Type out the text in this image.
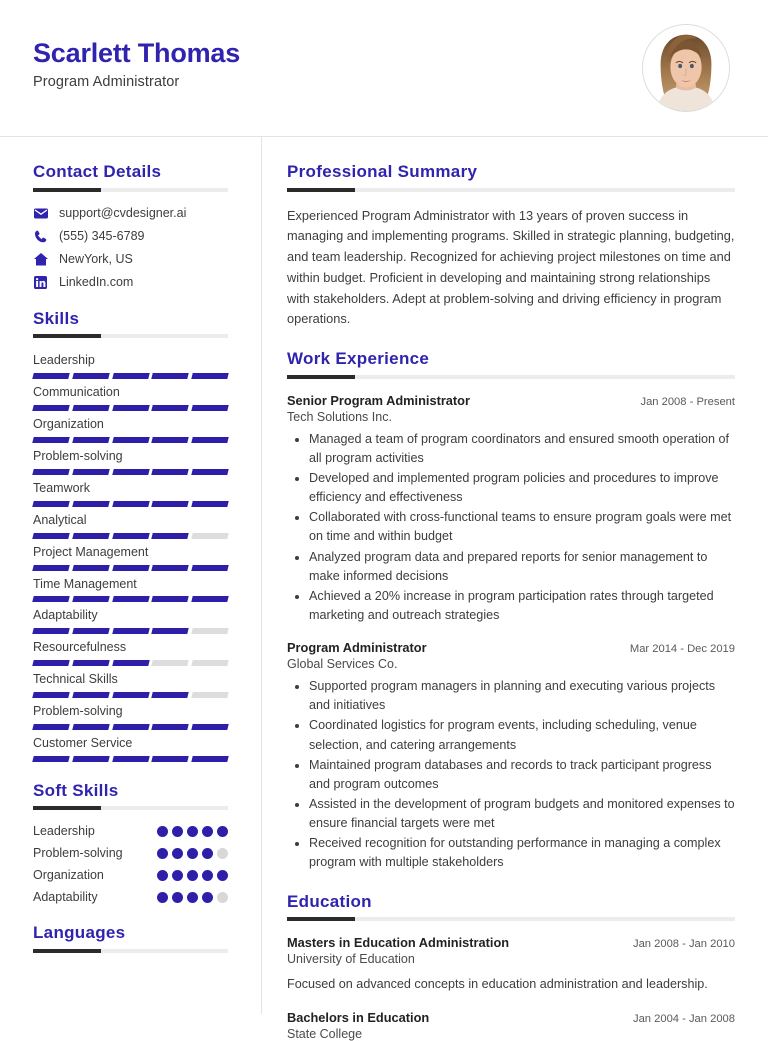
Scarlett Thomas
Program Administrator
Contact Details
support@cvdesigner.ai
(555) 345-6789
NewYork, US
LinkedIn.com
Skills
Leadership
Communication
Organization
Problem-solving
Teamwork
Analytical
Project Management
Time Management
Adaptability
Resourcefulness
Technical Skills
Problem-solving
Customer Service
Soft Skills
Leadership
Problem-solving
Organization
Adaptability
Languages
Professional Summary
Experienced Program Administrator with 13 years of proven success in managing and implementing programs. Skilled in strategic planning, budgeting, and team leadership. Recognized for achieving project milestones on time and within budget. Proficient in developing and maintaining strong relationships with stakeholders. Adept at problem-solving and driving efficiency in program operations.
Work Experience
Senior Program Administrator	Jan 2008 - Present
Tech Solutions Inc.
• Managed a team of program coordinators and ensured smooth operation of all program activities
• Developed and implemented program policies and procedures to improve efficiency and effectiveness
• Collaborated with cross-functional teams to ensure program goals were met on time and within budget
• Analyzed program data and prepared reports for senior management to make informed decisions
• Achieved a 20% increase in program participation rates through targeted marketing and outreach strategies
Program Administrator	Mar 2014 - Dec 2019
Global Services Co.
• Supported program managers in planning and executing various projects and initiatives
• Coordinated logistics for program events, including scheduling, venue selection, and catering arrangements
• Maintained program databases and records to track participant progress and program outcomes
• Assisted in the development of program budgets and monitored expenses to ensure financial targets were met
• Received recognition for outstanding performance in managing a complex program with multiple stakeholders
Education
Masters in Education Administration	Jan 2008 - Jan 2010
University of Education
Focused on advanced concepts in education administration and leadership.
Bachelors in Education	Jan 2004 - Jan 2008
State College
